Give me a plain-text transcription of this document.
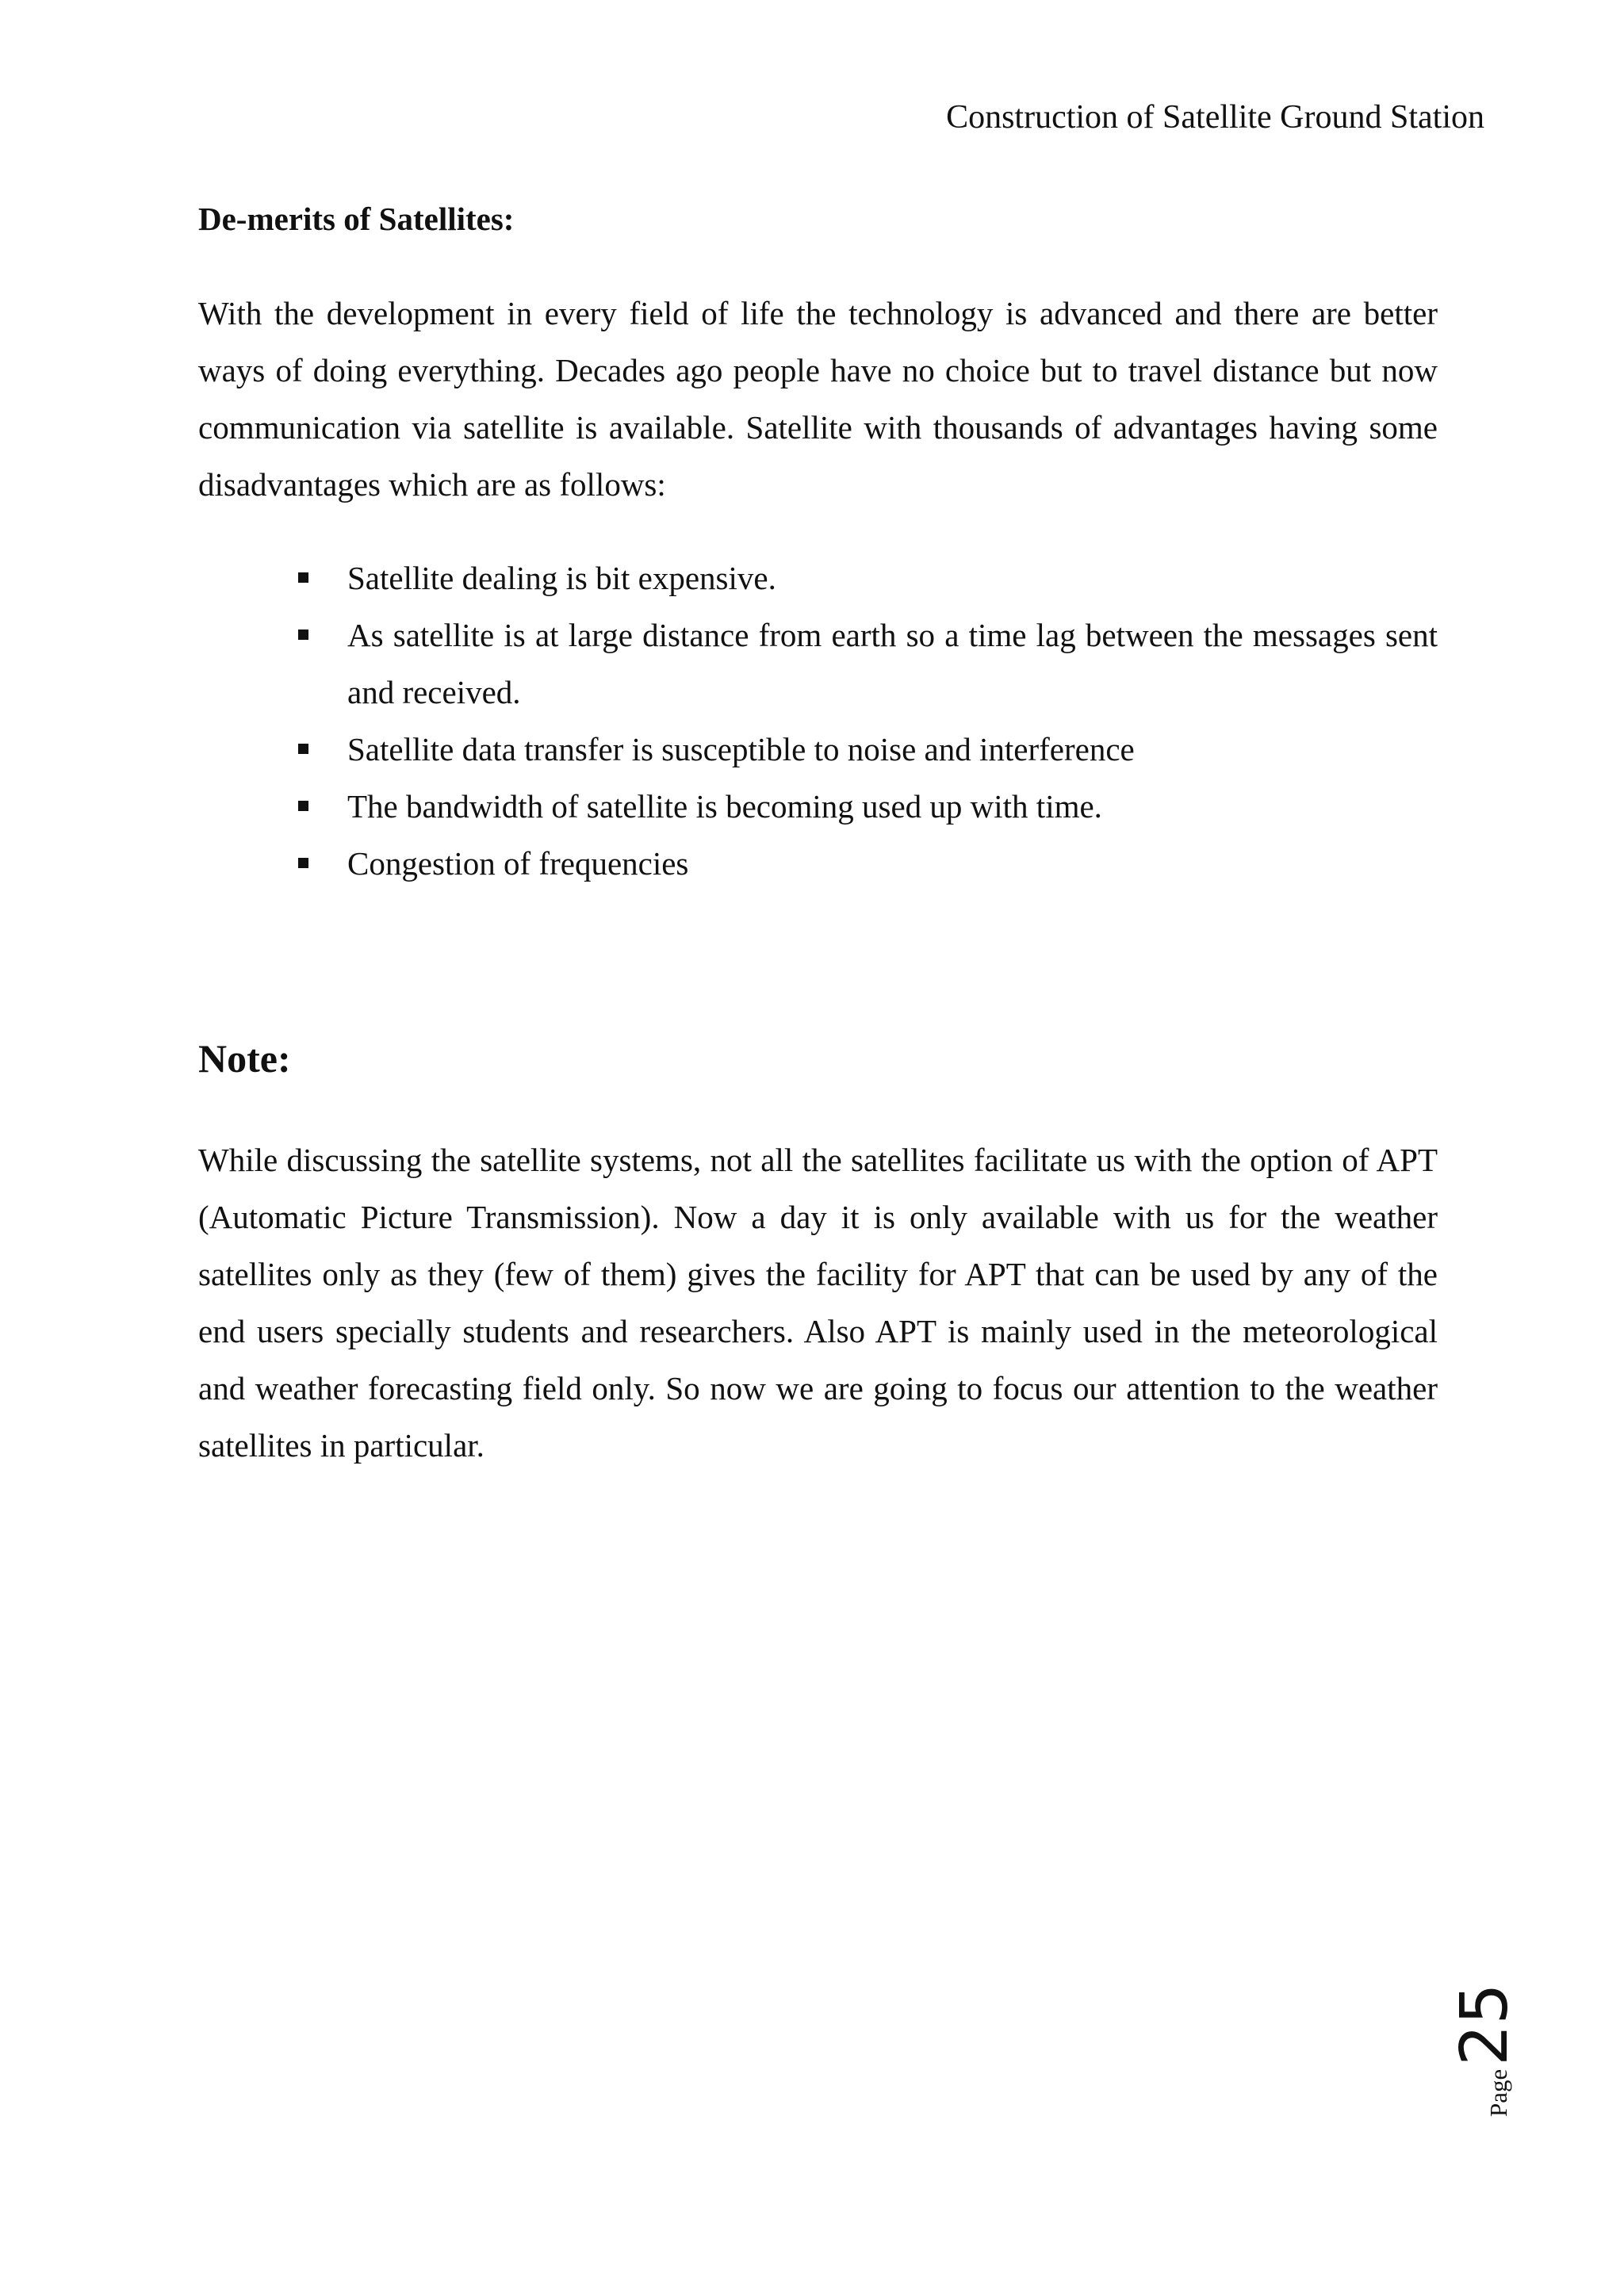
Construction of Satellite Ground Station
De-merits of Satellites:

With the development in every field of life the technology is advanced and there are better ways of doing everything. Decades ago people have no choice but to travel distance but now communication via satellite is available. Satellite with thousands of advantages having some disadvantages which are as follows:

Satellite dealing is bit expensive.
As satellite is at large distance from earth so a time lag between the messages sent and received.
Satellite data transfer is susceptible to noise and interference
The bandwidth of satellite is becoming used up with time.
Congestion of frequencies
Note:

While discussing the satellite systems, not all the satellites facilitate us with the option of APT (Automatic Picture Transmission). Now a day it is only available with us for the weather satellites only as they (few of them) gives the facility for APT that can be used by any of the end users specially students and researchers. Also APT is mainly used in the meteorological and weather forecasting field only. So now we are going to focus our attention to the weather satellites in particular.

Page
25
